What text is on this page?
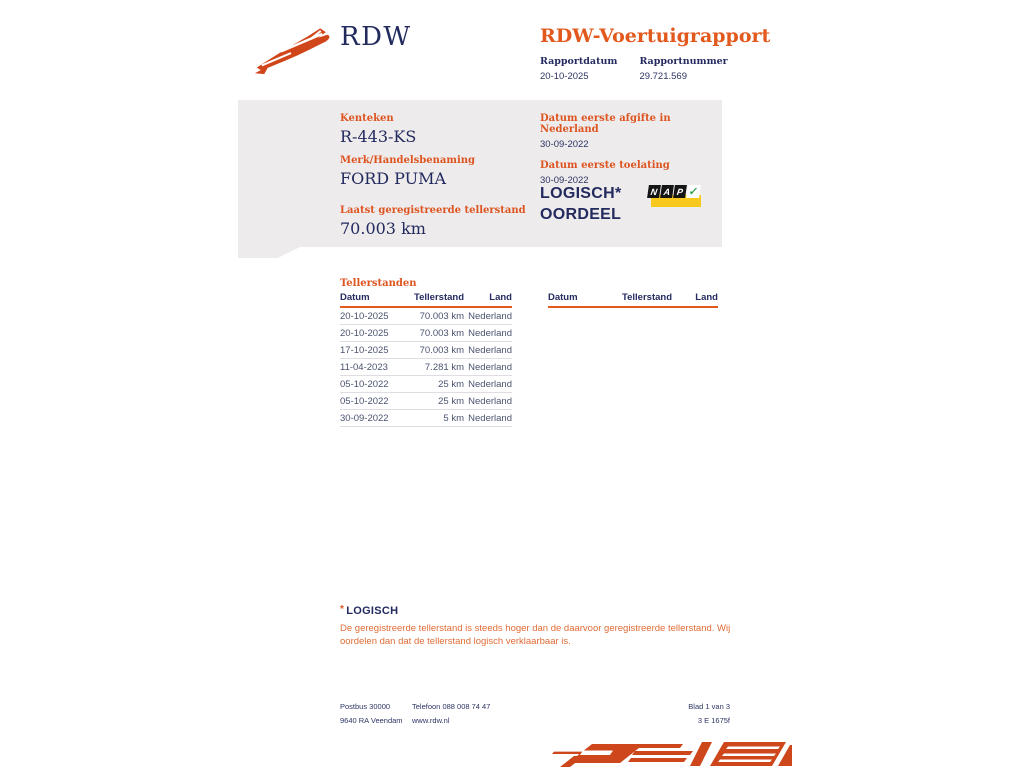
RDW	RDW-Voertuigrapport
Rapportdatum
20-10-2025
Rapportnummer
29.721.569
Kenteken
R-443-KS
Merk/Handelsbenaming
FORD PUMA
Laatst geregistreerde tellerstand
70.003 km
Datum eerste afgifte in Nederland
30-09-2022
Datum eerste toelating
30-09-2022
LOGISCH*
OORDEEL
N A P ✓
Tellerstanden
Datum	Tellerstand	Land
20-10-2025	70.003 km Nederland
20-10-2025	70.003 km Nederland
17-10-2025	70.003 km Nederland
11-04-2023	7.281 km Nederland
05-10-2022	25 km Nederland
05-10-2022	25 km Nederland
30-09-2022	5 km Nederland
Datum	Tellerstand	Land
* LOGISCH
De geregistreerde tellerstand is steeds hoger dan de daarvoor geregistreerde tellerstand. Wij oordelen dan dat de tellerstand logisch verklaarbaar is.
Postbus 30000
9640 RA Veendam
Telefoon 088 008 74 47
www.rdw.nl
Blad 1 van 3
3 E 1675f
